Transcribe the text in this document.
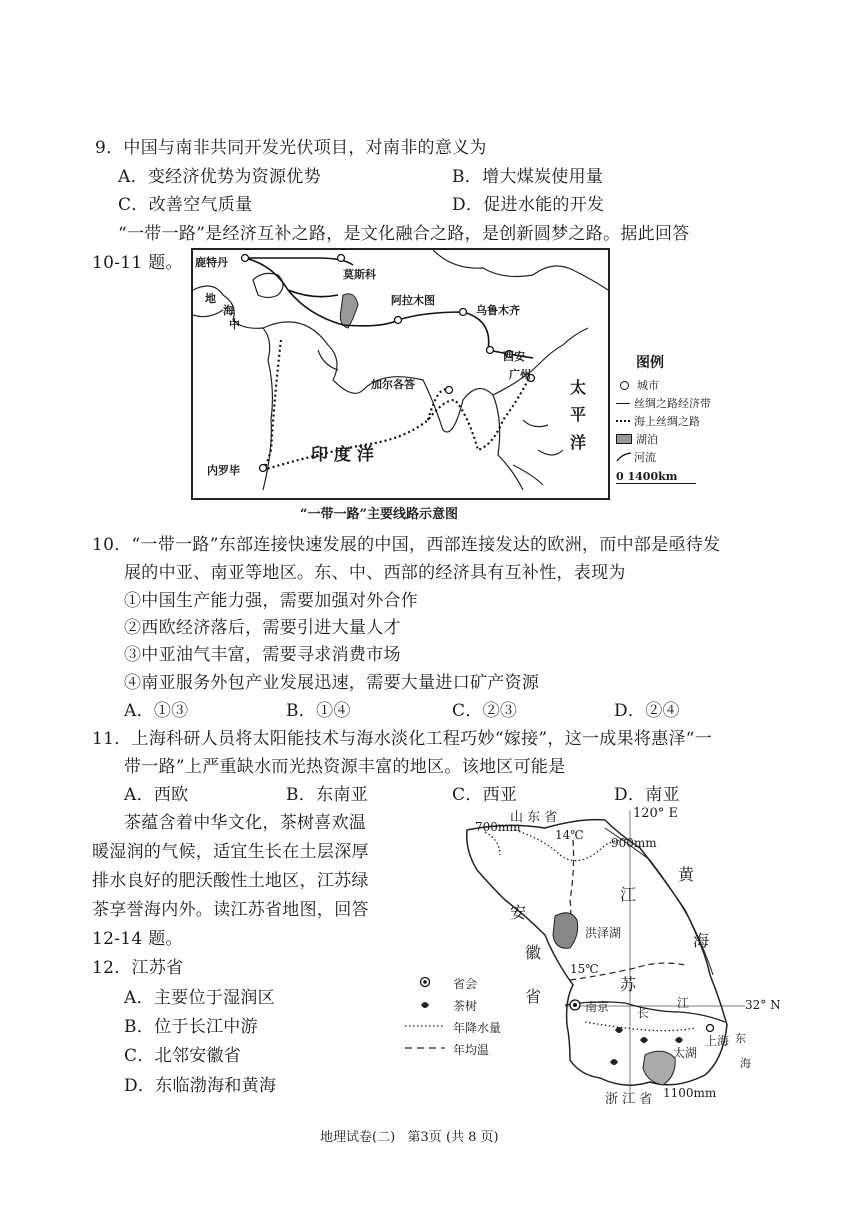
9．中国与南非共同开发光伏项目，对南非的意义为
A．变经济优势为资源优势	B．增大煤炭使用量
C．改善空气质量	D．促进水能的开发
“一带一路”是经济互补之路，是文化融合之路，是创新圆梦之路。据此回答
10-11 题。 鹿特丹
莫斯科
阿拉木图
乌鲁木齐
西安
广州
加尔各答
内罗毕
地
中
海
印 度 洋
太
平
洋
图例
城市
丝绸之路经济带
海上丝绸之路
湖泊
河流
0 1400km
“一带一路”主要线路示意图
10．“一带一路”东部连接快速发展的中国，西部连接发达的欧洲，而中部是亟待发
展的中亚、南亚等地区。东、中、西部的经济具有互补性，表现为
①中国生产能力强，需要加强对外合作
②西欧经济落后，需要引进大量人才
③中亚油气丰富，需要寻求消费市场
④南亚服务外包产业发展迅速，需要大量进口矿产资源
A．①③	B．①④	C．②③	D．②④
11．上海科研人员将太阳能技术与海水淡化工程巧妙“嫁接”，这一成果将惠泽“一
带一路”上严重缺水而光热资源丰富的地区。该地区可能是
A．西欧	B．东南亚	C．西亚	D．南亚
茶蕴含着中华文化，茶树喜欢温
暖湿润的气候，适宜生长在土层深厚
排水良好的肥沃酸性土地区，江苏绿
茶享誉海内外。读江苏省地图，回答
12-14 题。
12．江苏省
A．主要位于湿润区
B．位于长江中游
C．北邻安徽省
D．东临渤海和黄海
山 东 省	120° E
700mm
14℃
900mm
江
黄
海
安
洪泽湖
徽
15℃
苏
省
南京 长
江	32° N
上海
太湖
东
海
浙 江 省 1100mm
省会
茶树
年降水量
年均温
地理试卷(二)   第3页 (共 8 页)
